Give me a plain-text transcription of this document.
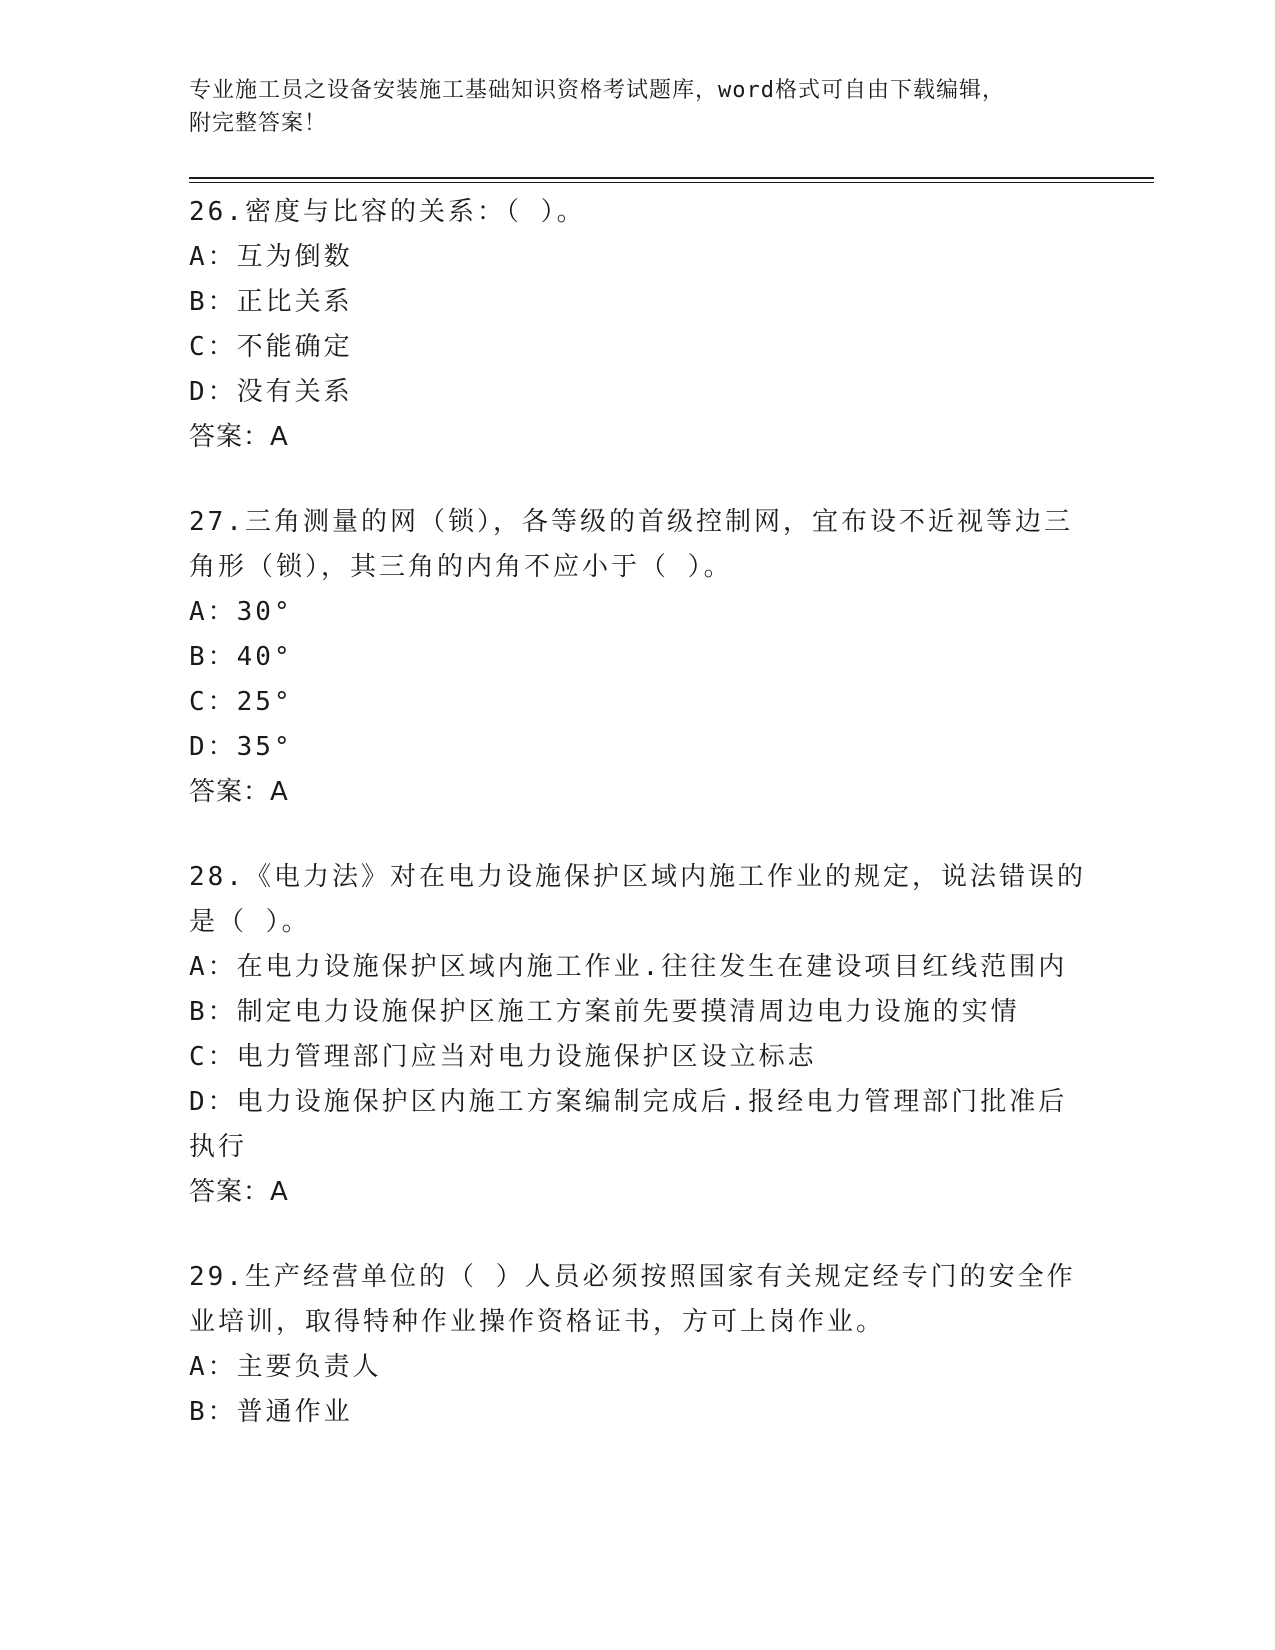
专业施工员之设备安装施工基础知识资格考试题库，word格式可自由下载编辑，
附完整答案！
26.密度与比容的关系：（ ）。
A： 互为倒数
B： 正比关系
C： 不能确定
D： 没有关系
答案：A
27.三角测量的网（锁），各等级的首级控制网，宜布设不近视等边三
角形（锁），其三角的内角不应小于（ ）。
A： 30°
B： 40°
C： 25°
D： 35°
答案：A
28.《电力法》对在电力设施保护区域内施工作业的规定，说法错误的
是（ ）。
A： 在电力设施保护区域内施工作业.往往发生在建设项目红线范围内
B： 制定电力设施保护区施工方案前先要摸清周边电力设施的实情
C： 电力管理部门应当对电力设施保护区设立标志
D： 电力设施保护区内施工方案编制完成后.报经电力管理部门批准后
执行
答案：A
29.生产经营单位的（ ）人员必须按照国家有关规定经专门的安全作
业培训，取得特种作业操作资格证书，方可上岗作业。
A： 主要负责人
B： 普通作业
